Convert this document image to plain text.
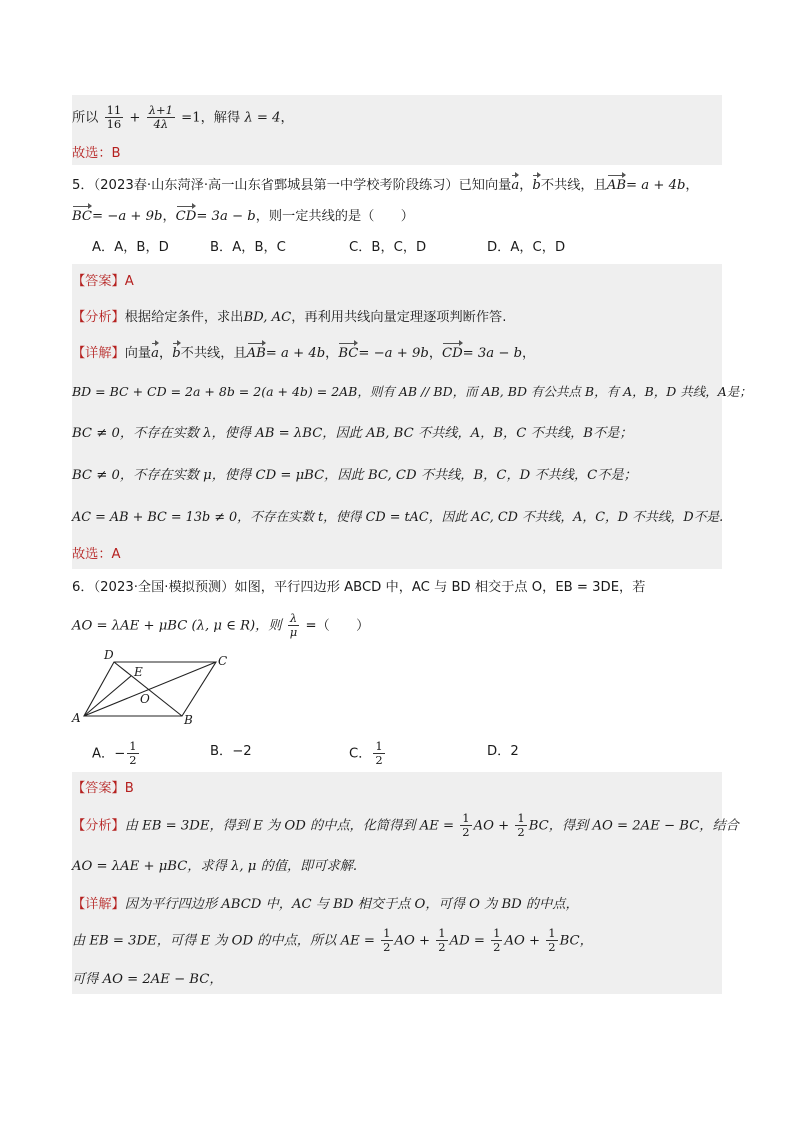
所以 $\frac{11}{16} + \frac{\lambda+1}{4\lambda} =1$，解得 λ = 4，
故选：B
5．（2023春·山东菏泽·高一山东省鄄城县第一中学校考阶段练习）已知向量a，b不共线，且AB= a + 4b，
BC= −a + 9b，CD= 3a − b，则一定共线的是（　　）
A．A，B，D	B．A，B，C	C．B，C，D	D．A，C，D
【答案】A
【分析】根据给定条件，求出BD, AC，再利用共线向量定理逐项判断作答.
【详解】向量a，b不共线，且AB= a + 4b，BC= −a + 9b，CD= 3a − b，
BD = BC + CD = 2a + 8b = 2(a + 4b) = 2AB，则有 AB // BD，而 AB, BD 有公共点 B，有 A，B，D 共线，A是；
BC ≠ 0，不存在实数 λ，使得 AB = λBC，因此 AB, BC 不共线，A，B，C 不共线，B不是；
BC ≠ 0，不存在实数 μ，使得 CD = μBC，因此 BC, CD 不共线，B，C，D 不共线，C不是；
AC = AB + BC = 13b ≠ 0，不存在实数 t，使得 CD = tAC，因此 AC, CD 不共线，A，C，D 不共线，D不是.
故选：A
6．（2023·全国·模拟预测）如图，平行四边形 ABCD 中，AC 与 BD 相交于点 O，EB = 3DE，若
AO = λAE + μBC (λ, μ ∈ R)，则 $\frac{\lambda}{\mu}$ =（　　）
D
E
C
O
A	B
A．− $\frac{1}{2}$	B．−2	C． $\frac{1}{2}$	D．2
【答案】B
【分析】由 EB = 3DE，得到 E 为 OD 的中点，化简得到 AE = $\frac{1}{2}$ AO + $\frac{1}{2}$ BC，得到 AO = 2AE − BC，结合
AO = λAE + μBC，求得 λ, μ 的值，即可求解.
【详解】因为平行四边形 ABCD 中，AC 与 BD 相交于点 O，可得 O 为 BD 的中点，
由 EB = 3DE，可得 E 为 OD 的中点，所以 AE = $\frac{1}{2}$ AO + $\frac{1}{2}$ AD = $\frac{1}{2}$ AO + $\frac{1}{2}$ BC，
可得 AO = 2AE − BC，
